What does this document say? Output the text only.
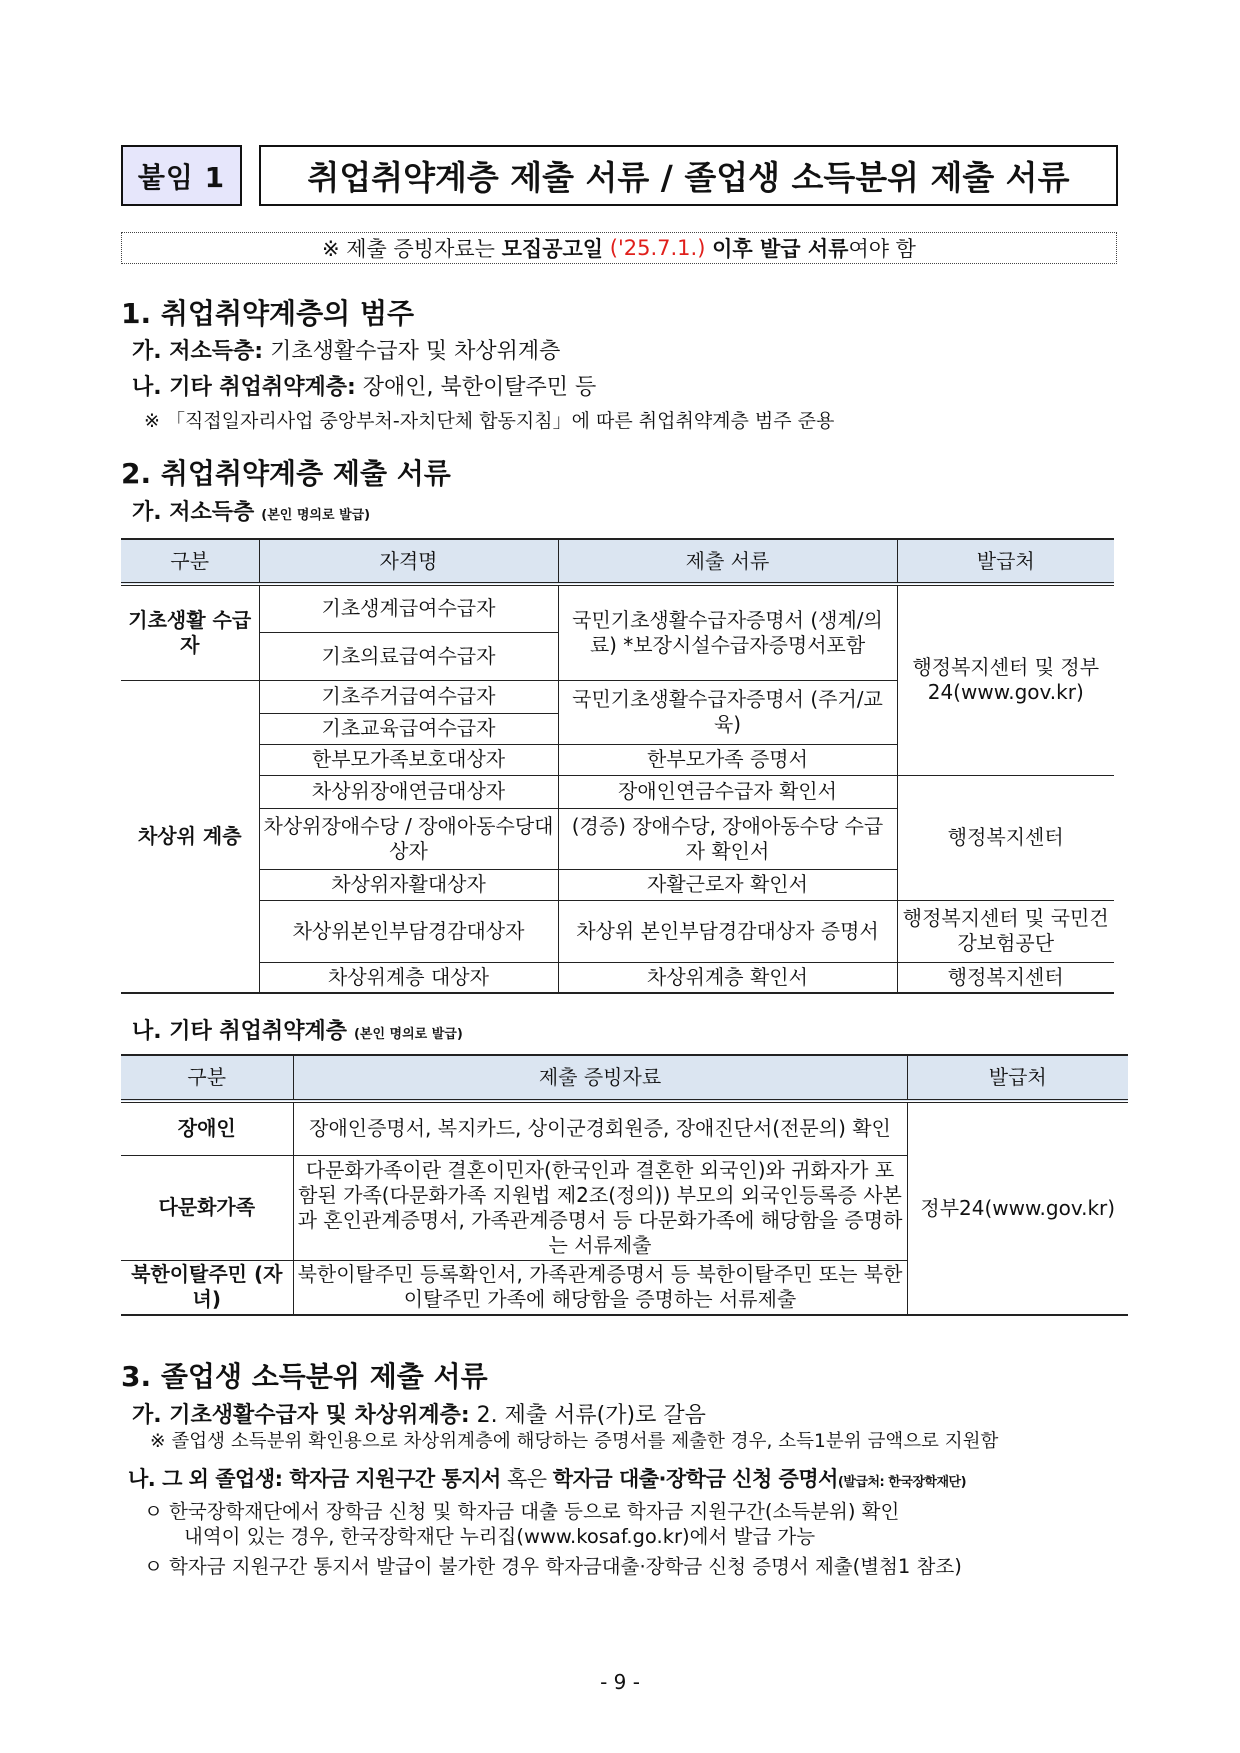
붙임 1	취업취약계층 제출 서류 / 졸업생 소득분위 제출 서류
※ 제출 증빙자료는
모집공고일
('25.7.1.)
이후 발급 서류 여야 함
1. 취업취약계층의 범주
가. 저소득층: 기초생활수급자 및 차상위계층
나. 기타 취업취약계층: 장애인, 북한이탈주민 등
※ 「직접일자리사업 중앙부처-자치단체 합동지침」에 따른 취업취약계층 범주 준용
2. 취업취약계층 제출 서류
가. 저소득층 (본인 명의로 발급)
구분	자격명	제출 서류	발급처
기초생활 수급자	기초생계급여수급자	국민기초생활수급자증명서 (생계/의료) *보장시설수급자증명서포함	행정복지센터 및 정부24(www.gov.kr)
	기초의료급여수급자		
차상위 계층	기초주거급여수급자	국민기초생활수급자증명서 (주거/교육)	
	기초교육급여수급자		
	한부모가족보호대상자	한부모가족 증명서	
	차상위장애연금대상자	장애인연금수급자 확인서	행정복지센터
	차상위장애수당 / 장애아동수당대상자	(경증) 장애수당, 장애아동수당 수급자 확인서	
	차상위자활대상자	자활근로자 확인서	
	차상위본인부담경감대상자	차상위 본인부담경감대상자 증명서	행정복지센터 및 국민건강보험공단
	차상위계층 대상자	차상위계층 확인서	행정복지센터
나. 기타 취업취약계층 (본인 명의로 발급)
구분	제출 증빙자료	발급처
장애인	장애인증명서, 복지카드, 상이군경회원증, 장애진단서(전문의) 확인	정부24(www.gov.kr)
다문화가족	다문화가족이란 결혼이민자(한국인과 결혼한 외국인)와 귀화자가 포함된 가족(다문화가족 지원법 제2조(정의)) 부모의 외국인등록증 사본과 혼인관계증명서, 가족관계증명서 등 다문화가족에 해당함을 증명하는 서류제출	
북한이탈주민 (자녀)	북한이탈주민 등록확인서, 가족관계증명서 등 북한이탈주민 또는 북한이탈주민 가족에 해당함을 증명하는 서류제출	
3. 졸업생 소득분위 제출 서류
가. 기초생활수급자 및 차상위계층: 2. 제출 서류(가)로 갈음
※ 졸업생 소득분위 확인용으로 차상위계층에 해당하는 증명서를 제출한 경우, 소득1분위 금액으로 지원함
나. 그 외 졸업생: 학자금 지원구간 통지서 혹은 학자금 대출·장학금 신청 증명서(발급처: 한국장학재단)
ㅇ 한국장학재단에서 장학금 신청 및 학자금 대출 등으로 학자금 지원구간(소득분위) 확인
내역이 있는 경우, 한국장학재단 누리집(www.kosaf.go.kr)에서 발급 가능
ㅇ 학자금 지원구간 통지서 발급이 불가한 경우 학자금대출·장학금 신청 증명서 제출(별첨1 참조)
- 9 -
